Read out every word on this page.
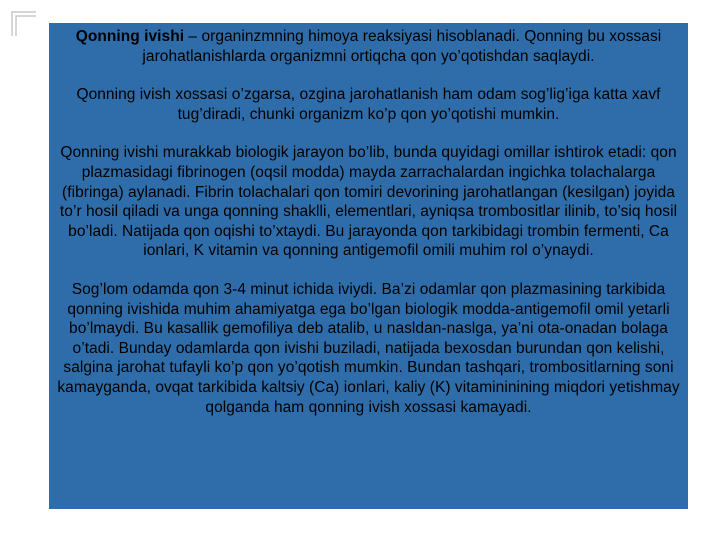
Qonning ivishi – organinzmning himoya reaksiyasi hisoblanadi. Qonning bu xossasi jarohatlanishlarda organizmni ortiqcha qon yo’qotishdan saqlaydi.

Qonning ivish xossasi o’zgarsa, ozgina jarohatlanish ham odam sog’lig’iga katta xavf tug’diradi, chunki organizm ko’p qon yo’qotishi mumkin.

Qonning ivishi murakkab biologik jarayon bo’lib, bunda quyidagi omillar ishtirok etadi: qon plazmasidagi fibrinogen (oqsil modda) mayda zarrachalardan ingichka tolachalarga (fibringa) aylanadi. Fibrin tolachalari qon tomiri devorining jarohatlangan (kesilgan) joyida to’r hosil qiladi va unga qonning shaklli, elementlari, ayniqsa trombositlar ilinib, to’siq hosil bo’ladi. Natijada qon oqishi to’xtaydi. Bu jarayonda qon tarkibidagi trombin fermenti, Ca ionlari, K vitamin va qonning antigemofil omili muhim rol o’ynaydi.

Sog’lom odamda qon 3-4 minut ichida iviydi. Ba’zi odamlar qon plazmasining tarkibida qonning ivishida muhim ahamiyatga ega bo’lgan biologik modda-antigemofil omil yetarli bo’lmaydi. Bu kasallik gemofiliya deb atalib, u nasldan-naslga, ya’ni ota-onadan bolaga o’tadi. Bunday odamlarda qon ivishi buziladi, natijada bexosdan burundan qon kelishi, salgina jarohat tufayli ko’p qon yo’qotish mumkin. Bundan tashqari, trombositlarning soni kamayganda, ovqat tarkibida kaltsiy (Ca) ionlari, kaliy (K) vitamininining miqdori yetishmay qolganda ham qonning ivish xossasi kamayadi.
